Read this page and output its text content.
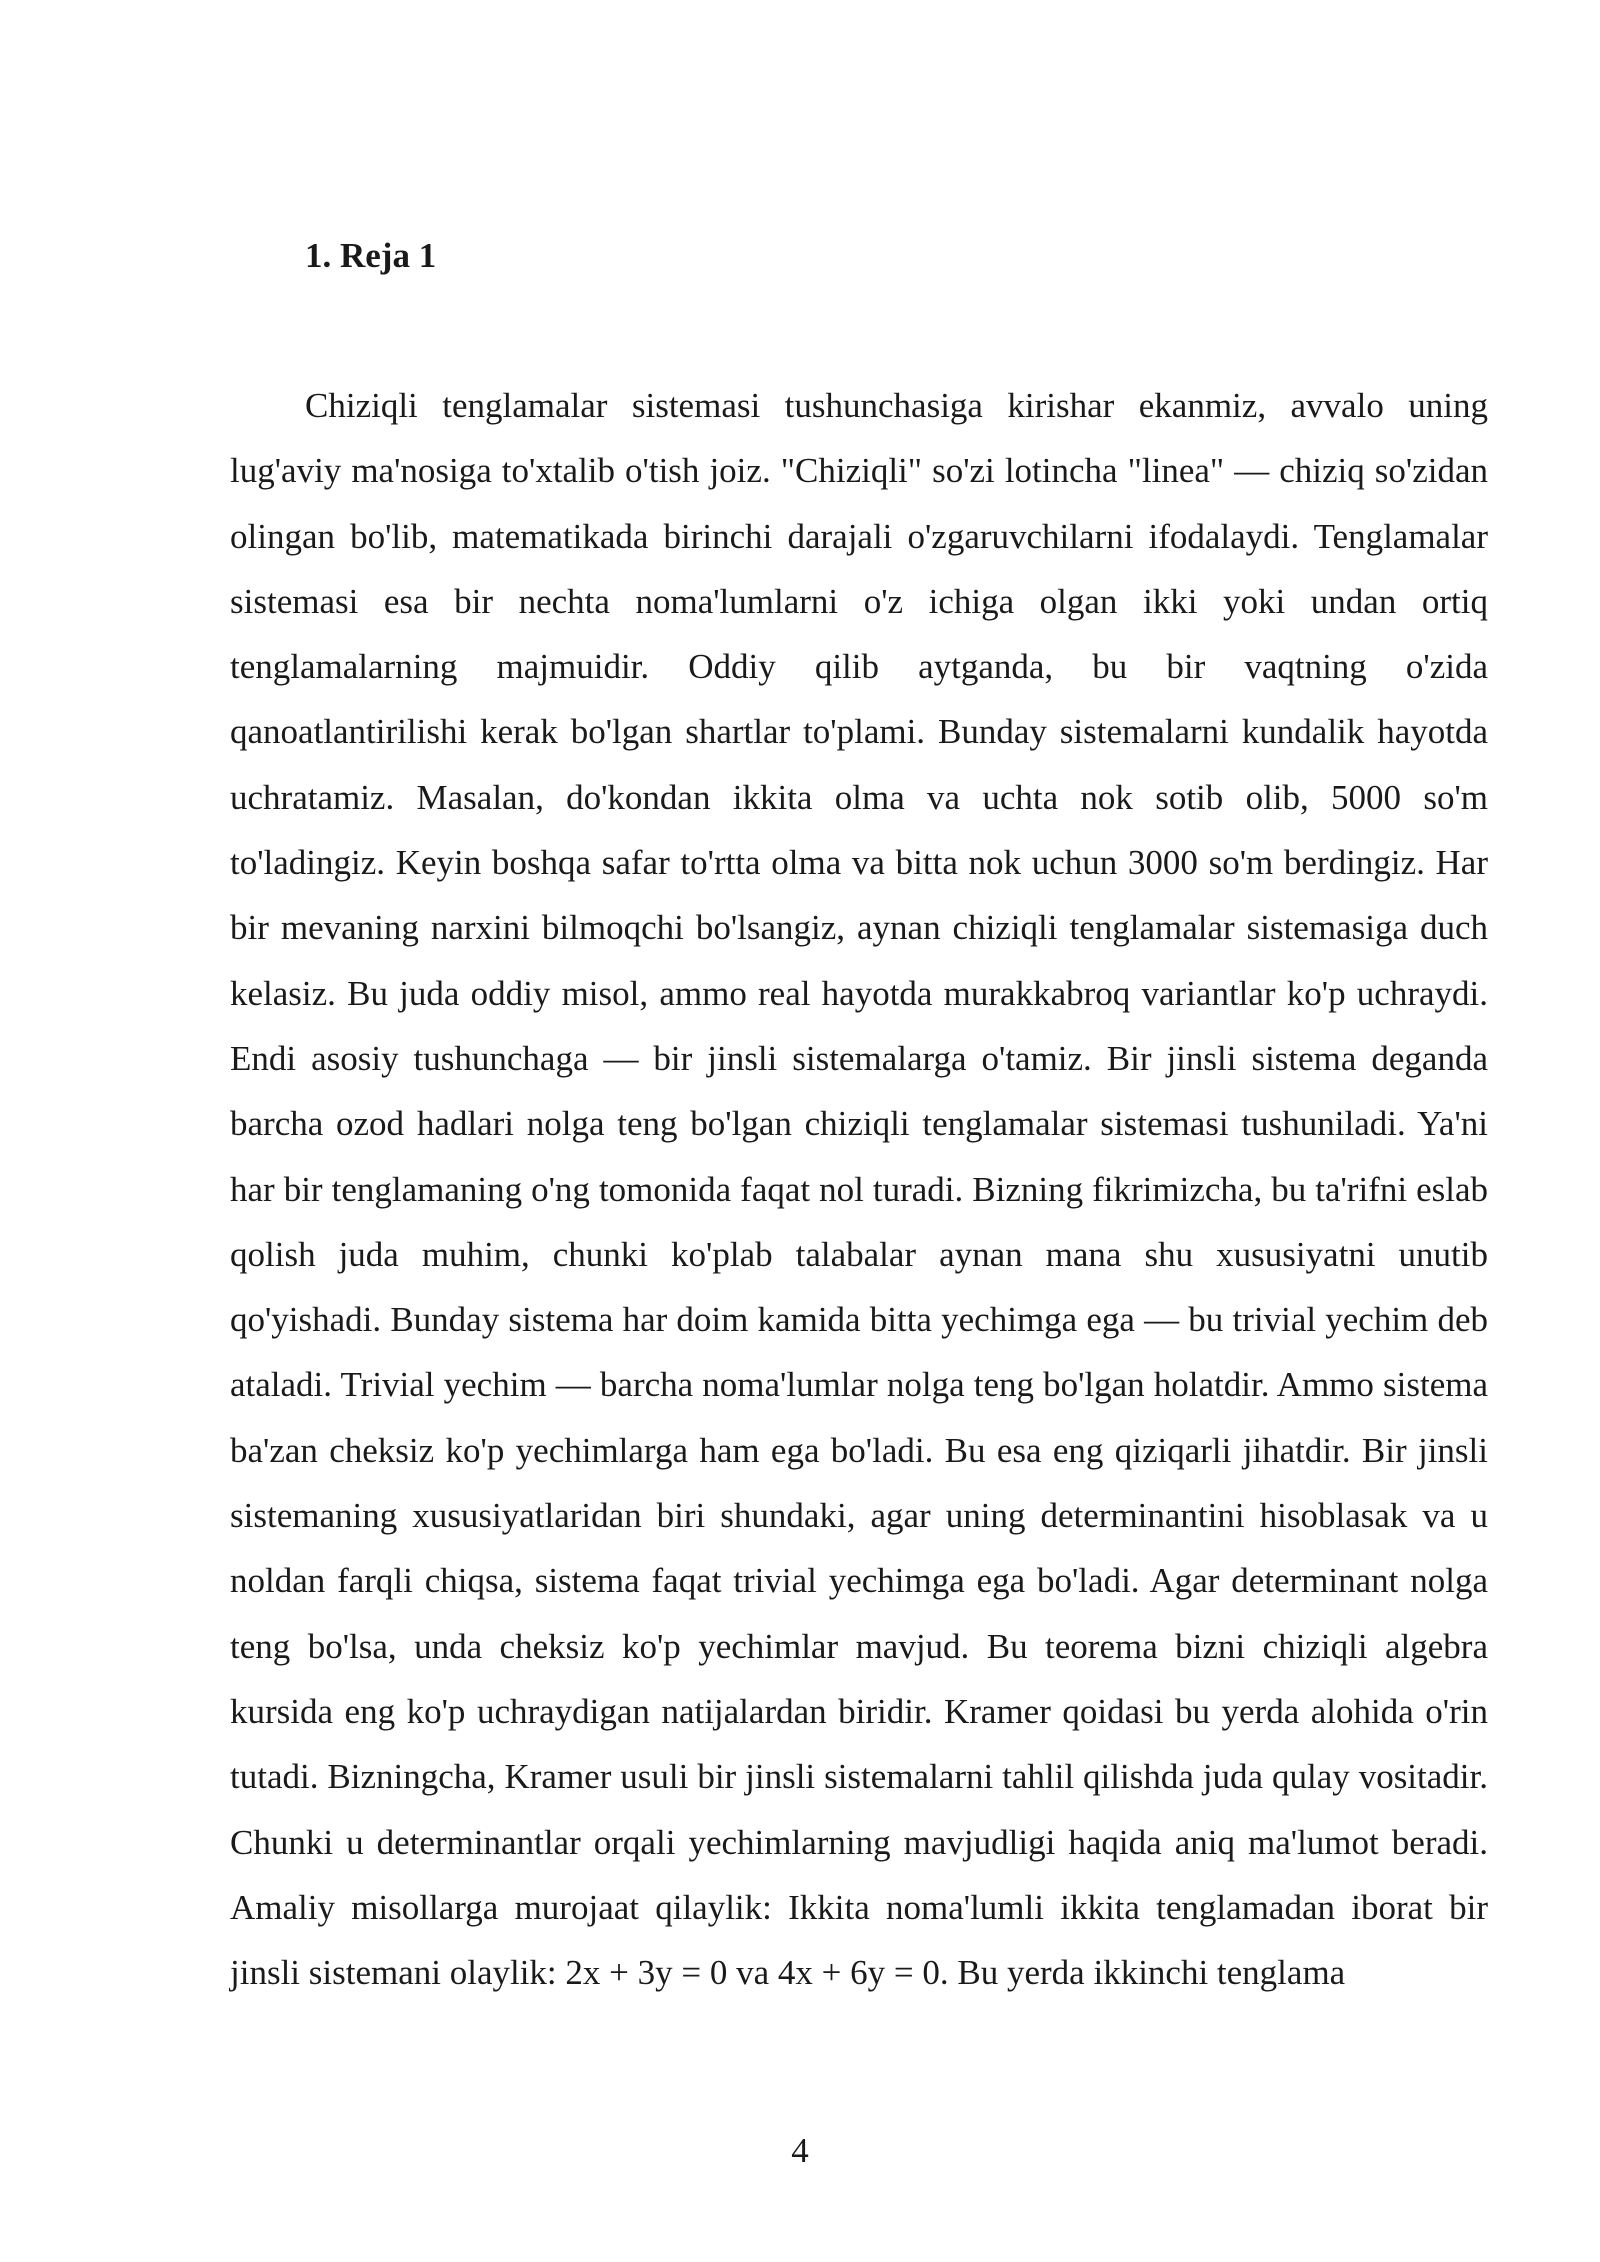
1. Reja 1

Chiziqli tenglamalar sistemasi tushunchasiga kirishar ekanmiz, avvalo uning lug'aviy ma'nosiga to'xtalib o'tish joiz. "Chiziqli" so'zi lotincha "linea" — chiziq so'zidan olingan bo'lib, matematikada birinchi darajali o'zgaruvchilarni ifodalaydi. Tenglamalar sistemasi esa bir nechta noma'lumlarni o'z ichiga olgan ikki yoki undan ortiq tenglamalarning majmuidir. Oddiy qilib aytganda, bu bir vaqtning o'zida qanoatlantirilishi kerak bo'lgan shartlar to'plami. Bunday sistemalarni kundalik hayotda uchratamiz. Masalan, do'kondan ikkita olma va uchta nok sotib olib, 5000 so'm to'ladingiz. Keyin boshqa safar to'rtta olma va bitta nok uchun 3000 so'm berdingiz. Har bir mevaning narxini bilmoqchi bo'lsangiz, aynan chiziqli tenglamalar sistemasiga duch kelasiz. Bu juda oddiy misol, ammo real hayotda murakkabroq variantlar ko'p uchraydi. Endi asosiy tushunchaga — bir jinsli sistemalarga o'tamiz. Bir jinsli sistema deganda barcha ozod hadlari nolga teng bo'lgan chiziqli tenglamalar sistemasi tushuniladi. Ya'ni har bir tenglamaning o'ng tomonida faqat nol turadi. Bizning fikrimizcha, bu ta'rifni eslab qolish juda muhim, chunki ko'plab talabalar aynan mana shu xususiyatni unutib qo'yishadi. Bunday sistema har doim kamida bitta yechimga ega — bu trivial yechim deb ataladi. Trivial yechim — barcha noma'lumlar nolga teng bo'lgan holatdir. Ammo sistema ba'zan cheksiz ko'p yechimlarga ham ega bo'ladi. Bu esa eng qiziqarli jihatdir. Bir jinsli sistemaning xususiyatlaridan biri shundaki, agar uning determinantini hisoblasak va u noldan farqli chiqsa, sistema faqat trivial yechimga ega bo'ladi. Agar determinant nolga teng bo'lsa, unda cheksiz ko'p yechimlar mavjud. Bu teorema bizni chiziqli algebra kursida eng ko'p uchraydigan natijalardan biridir. Kramer qoidasi bu yerda alohida o'rin tutadi. Bizningcha, Kramer usuli bir jinsli sistemalarni tahlil qilishda juda qulay vositadir. Chunki u determinantlar orqali yechimlarning mavjudligi haqida aniq ma'lumot beradi. Amaliy misollarga murojaat qilaylik: Ikkita noma'lumli ikkita tenglamadan iborat bir jinsli sistemani olaylik: 2x + 3y = 0 va 4x + 6y = 0. Bu yerda ikkinchi tenglama

4
